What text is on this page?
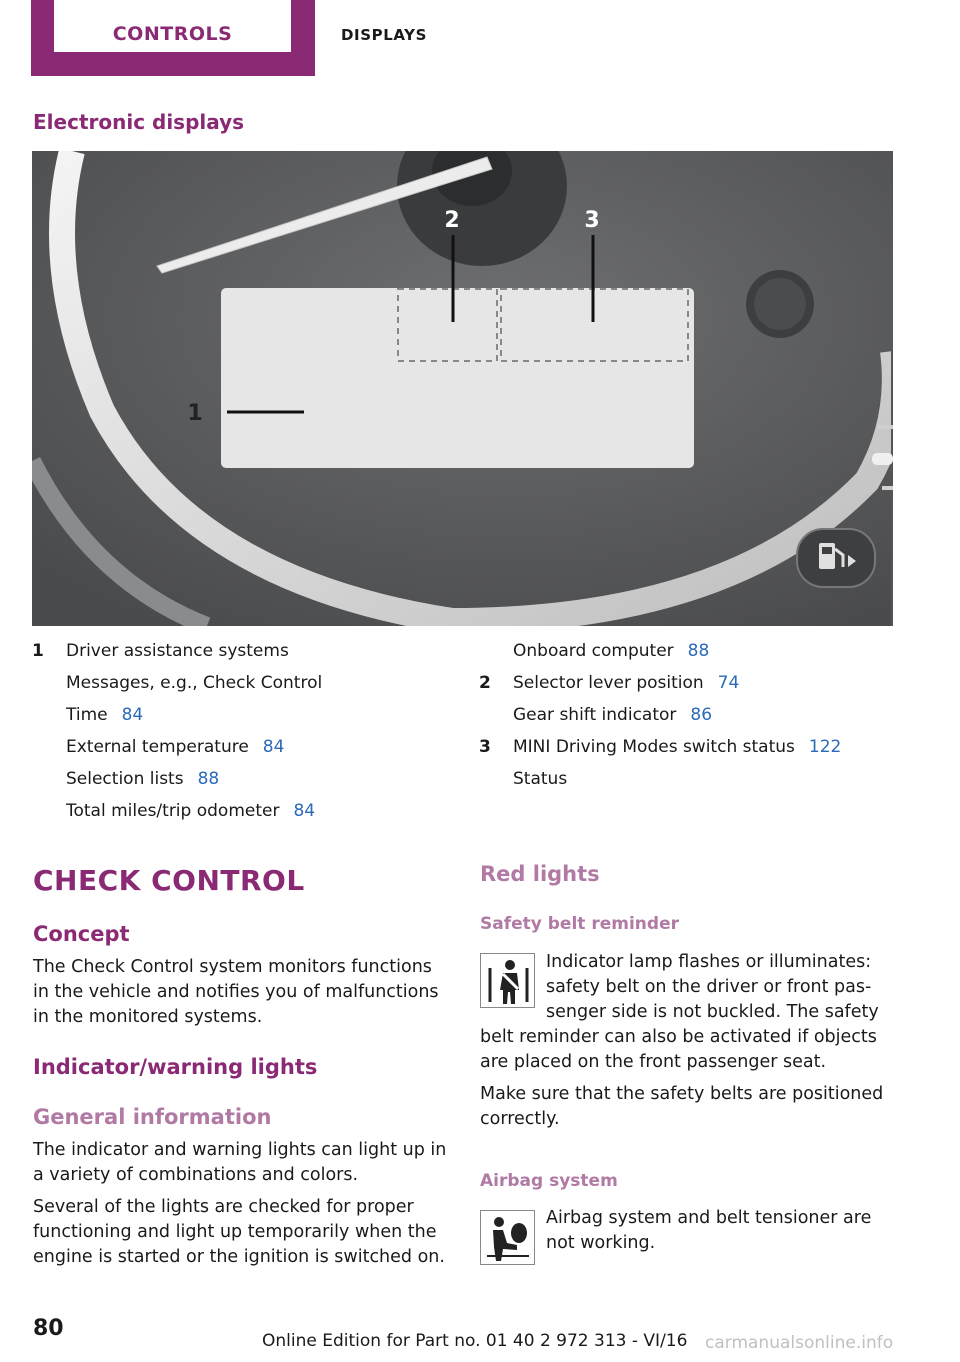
CONTROLS	DISPLAYS
Electronic displays
2	3
1
1 Driver assistance systems
Messages, e.g., Check Control
Time 84
External temperature 84
Selection lists 88
Total miles/trip odometer 84
Onboard computer 88
2 Selector lever position 74
Gear shift indicator 86
3 MINI Driving Modes switch status 122
Status
CHECK CONTROL
Concept
The Check Control system monitors functions in the vehicle and notifies you of malfunctions in the monitored systems.
Indicator/warning lights
General information
The indicator and warning lights can light up in a variety of combinations and colors.
Several of the lights are checked for proper functioning and light up temporarily when the engine is started or the ignition is switched on.
Red lights
Safety belt reminder
Indicator lamp flashes or illuminates: safety belt on the driver or front pas-senger side is not buckled. The safety
belt reminder can also be activated if objects are placed on the front passenger seat.
Make sure that the safety belts are positioned correctly.
Airbag system
Airbag system and belt tensioner are not working.
80	Online Edition for Part no. 01 40 2 972 313 - VI/16 carmanualsonline.info
